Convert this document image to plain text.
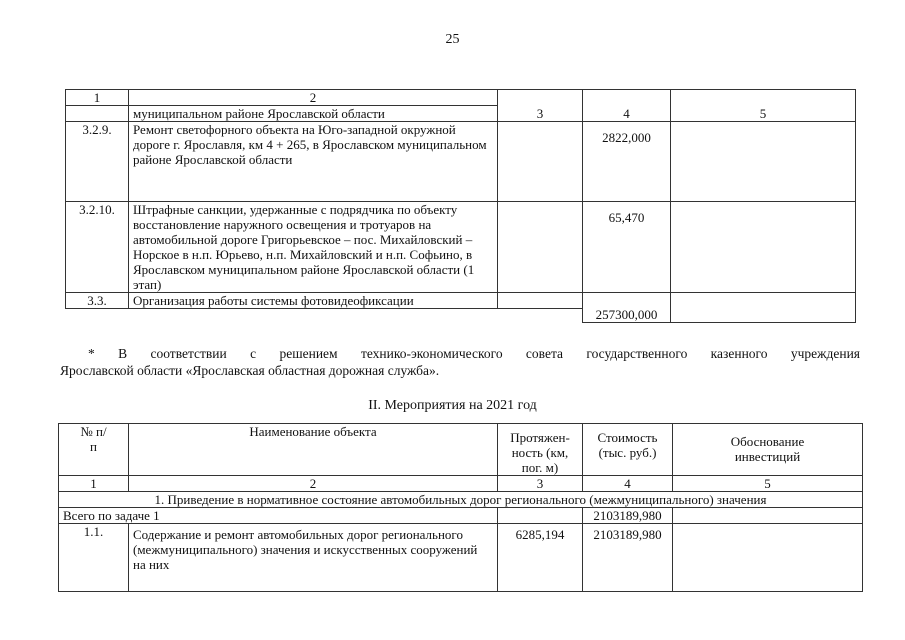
25
1	2	3	4	5
	муниципальном районе Ярославской области			
3.2.9.	Ремонт светофорного объекта на Юго-западной окружной дороге г. Ярославля, км 4 + 265, в Ярославском муниципальном районе Ярославской области		2822,000	
3.2.10.	Штрафные санкции, удержанные с подрядчика по объекту восстановление наружного освещения и тротуаров на автомобильной дороге Григорьевское – пос. Михайловский – Норское в н.п. Юрьево, н.п. Михайловский и н.п. Софьино, в Ярославском муниципальном районе Ярославской области (1 этап)		65,470	
3.3.	Организация работы системы фотовидеофиксации		257300,000	

* В соответствии с решением технико-экономического совета государственного казенного учреждения

Ярославской области «Ярославская областная дорожная служба».

II. Мероприятия на 2021 год
№ п/п	Наименование объекта	Протяжен-ность (км, пог. м)	Стоимость (тыс. руб.)	Обоснование инвестиций
1	2	3	4	5
1. Приведение в нормативное состояние автомобильных дорог регионального (межмуниципального) значения				
Всего по задаче 1			2103189,980	
1.1.	Содержание и ремонт автомобильных дорог регионального (межмуниципального) значения и искусственных сооружений на них	6285,194	2103189,980	
